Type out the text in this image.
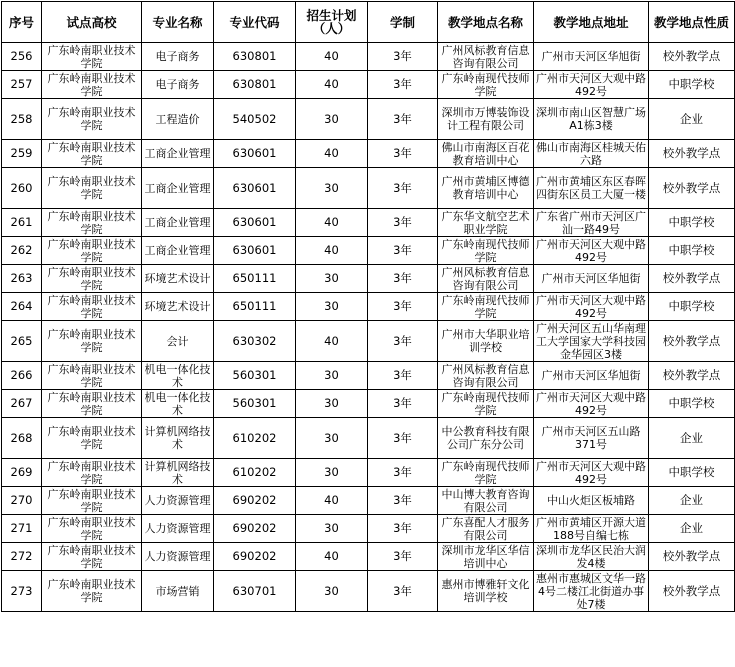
序号	试点高校	专业名称	专业代码	招生计划（人）	学制	教学地点名称	教学地点地址	教学地点性质
256	广东岭南职业技术学院	电子商务	630801	40	3年	广州风标教育信息咨询有限公司	广州市天河区华旭街	校外教学点
257	广东岭南职业技术学院	电子商务	630801	40	3年	广东岭南现代技师学院	广州市天河区大观中路492号	中职学校
258	广东岭南职业技术学院	工程造价	540502	30	3年	深圳市万博装饰设计工程有限公司	深圳市南山区智慧广场A1栋3楼	企业
259	广东岭南职业技术学院	工商企业管理	630601	40	3年	佛山市南海区百花教育培训中心	佛山市南海区桂城天佑六路	校外教学点
260	广东岭南职业技术学院	工商企业管理	630601	30	3年	广州市黄埔区博德教育培训中心	广州市黄埔区东区春晖四街东区员工大厦一楼	校外教学点
261	广东岭南职业技术学院	工商企业管理	630601	40	3年	广东华文航空艺术职业学院	广东省广州市天河区广汕一路49号	中职学校
262	广东岭南职业技术学院	工商企业管理	630601	40	3年	广东岭南现代技师学院	广州市天河区大观中路492号	中职学校
263	广东岭南职业技术学院	环境艺术设计	650111	30	3年	广州风标教育信息咨询有限公司	广州市天河区华旭街	校外教学点
264	广东岭南职业技术学院	环境艺术设计	650111	30	3年	广东岭南现代技师学院	广州市天河区大观中路492号	中职学校
265	广东岭南职业技术学院	会计	630302	40	3年	广州市大华职业培训学校	广州天河区五山华南理工大学国家大学科技园金华园区3楼	校外教学点
266	广东岭南职业技术学院	机电一体化技术	560301	30	3年	广州风标教育信息咨询有限公司	广州市天河区华旭街	校外教学点
267	广东岭南职业技术学院	机电一体化技术	560301	30	3年	广东岭南现代技师学院	广州市天河区大观中路492号	中职学校
268	广东岭南职业技术学院	计算机网络技术	610202	30	3年	中公教育科技有限公司广东分公司	广州市天河区五山路371号	企业
269	广东岭南职业技术学院	计算机网络技术	610202	30	3年	广东岭南现代技师学院	广州市天河区大观中路492号	中职学校
270	广东岭南职业技术学院	人力资源管理	690202	40	3年	中山博大教育咨询有限公司	中山火炬区板埔路	企业
271	广东岭南职业技术学院	人力资源管理	690202	30	3年	广东喜配人才服务有限公司	广州市黄埔区开源大道188号自编七栋	企业
272	广东岭南职业技术学院	人力资源管理	690202	40	3年	深圳市龙华区华信培训中心	深圳市龙华区民治大润发4楼	校外教学点
273	广东岭南职业技术学院	市场营销	630701	30	3年	惠州市博雅轩文化培训学校	惠州市惠城区文华一路4号二楼江北街道办事处7楼	校外教学点
